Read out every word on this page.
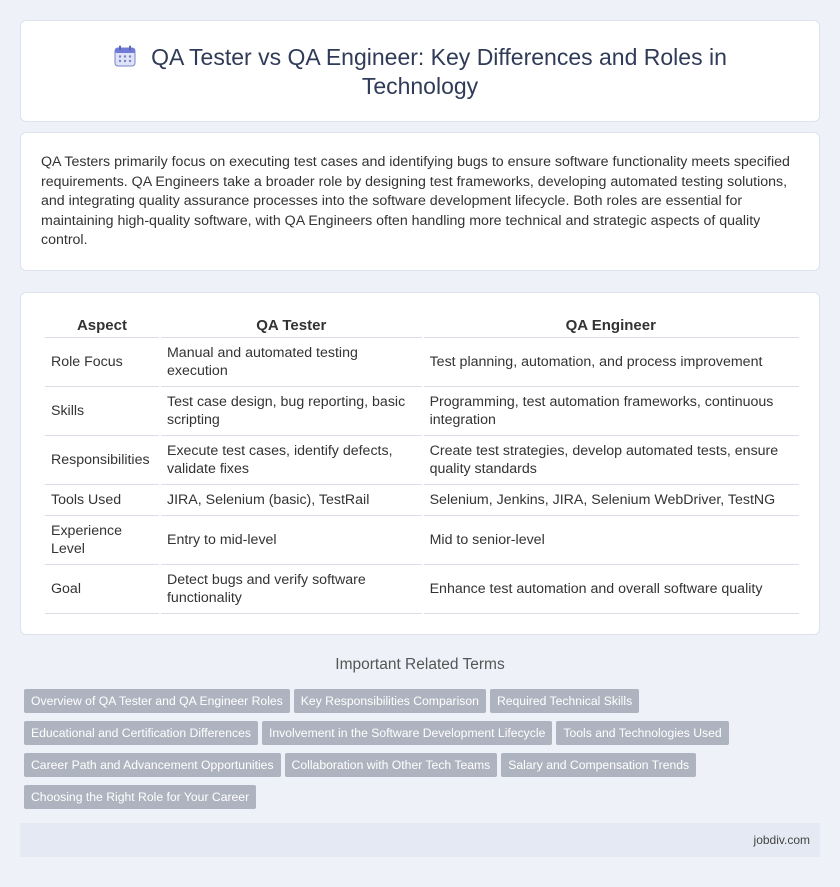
QA Tester vs QA Engineer: Key Differences and Roles in Technology

QA Testers primarily focus on executing test cases and identifying bugs to ensure software functionality meets specified requirements. QA Engineers take a broader role by designing test frameworks, developing automated testing solutions, and integrating quality assurance processes into the software development lifecycle. Both roles are essential for maintaining high-quality software, with QA Engineers often handling more technical and strategic aspects of quality control.

Aspect	QA Tester	QA Engineer
Role Focus	Manual and automated testing execution	Test planning, automation, and process improvement
Skills	Test case design, bug reporting, basic scripting	Programming, test automation frameworks, continuous integration
Responsibilities	Execute test cases, identify defects, validate fixes	Create test strategies, develop automated tests, ensure quality standards
Tools Used	JIRA, Selenium (basic), TestRail	Selenium, Jenkins, JIRA, Selenium WebDriver, TestNG
Experience Level	Entry to mid-level	Mid to senior-level
Goal	Detect bugs and verify software functionality	Enhance test automation and overall software quality
Important Related Terms
Overview of QA Tester and QA Engineer Roles Key Responsibilities Comparison Required Technical Skills
Educational and Certification Differences Involvement in the Software Development Lifecycle Tools and Technologies Used
Career Path and Advancement Opportunities Collaboration with Other Tech Teams Salary and Compensation Trends
Choosing the Right Role for Your Career
jobdiv.com
